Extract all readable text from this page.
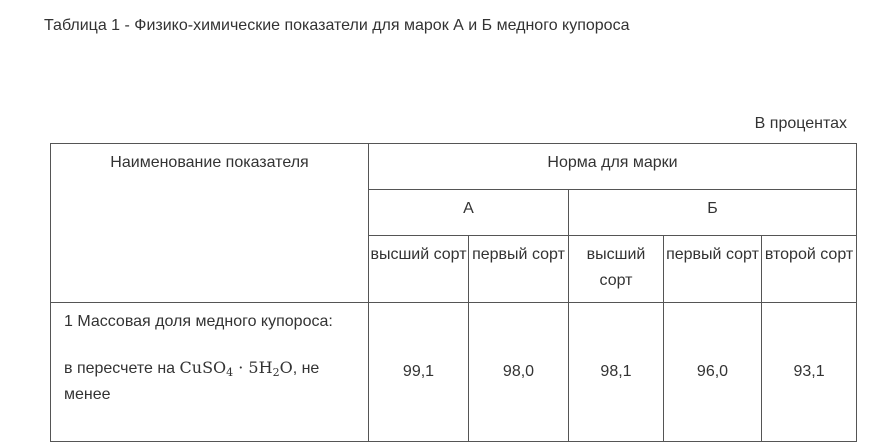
Таблица 1 - Физико-химические показатели для марок А и Б медного купороса
В процентах
Наименование показателя	Норма для марки				
	А		Б		
	высший сорт	первый сорт	высший сорт	первый сорт	второй сорт
1 Массовая доля медного купороса:
в пересчете на CuSO$_4$ · $5H_2O$, не менее	99,1	98,0	98,1	96,0	93,1
